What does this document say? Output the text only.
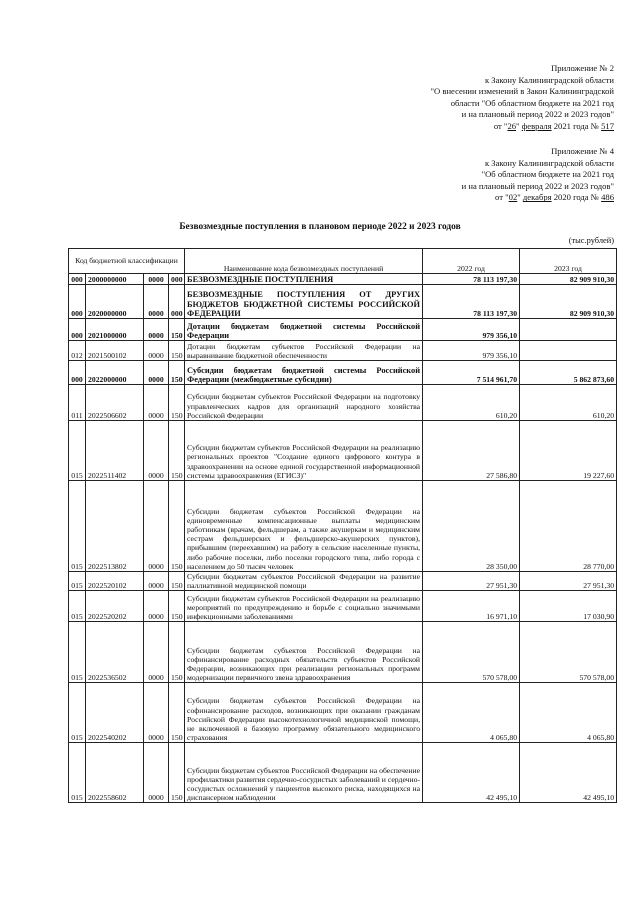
Приложение № 2
к Закону Калининградской области
"О внесении изменений в Закон Калининградской
области "Об областном бюджете на 2021 год
и на плановый период 2022 и 2023 годов"
от "26" февраля 2021 года № 517
Приложение № 4
к Закону Калининградской области
"Об областном бюджете на 2021 год
и на плановый период 2022 и 2023 годов"
от "02" декабря 2020 года № 486
Безвозмездные поступления в плановом периоде 2022 и 2023 годов
(тыс.рублей)
Код бюджетной классификации				Наименование кода безвозмездных поступлений	2022 год	2023 год
000	2000000000	0000	000	БЕЗВОЗМЕЗДНЫЕ ПОСТУПЛЕНИЯ	78 113 197,30	82 909 910,30
000	2020000000	0000	000	БЕЗВОЗМЕЗДНЫЕ ПОСТУПЛЕНИЯ ОТ ДРУГИХ БЮДЖЕТОВ БЮДЖЕТНОЙ СИСТЕМЫ РОССИЙСКОЙ ФЕДЕРАЦИИ	78 113 197,30	82 909 910,30
000	2021000000	0000	150	Дотации бюджетам бюджетной системы Российской Федерации	979 356,10	
012	2021500102	0000	150	Дотации бюджетам субъектов Российской Федерации на выравнивание бюджетной обеспеченности	979 356,10	
000	2022000000	0000	150	Субсидии бюджетам бюджетной системы Российской Федерации (межбюджетные субсидии)	7 514 961,70	5 862 873,60
011	2022506602	0000	150	Субсидии бюджетам субъектов Российской Федерации на подготовку управленческих кадров для организаций народного хозяйства Российской Федерации	610,20	610,20
015	2022511402	0000	150	Субсидии бюджетам субъектов Российской Федерации на реализацию региональных проектов "Создание единого цифрового контура в здравоохранении на основе единой государственной информационной системы здравоохранения (ЕГИСЗ)"	27 586,80	19 227,60
015	2022513802	0000	150	Субсидии бюджетам субъектов Российской Федерации на единовременные компенсационные выплаты медицинским работникам (врачам, фельдшерам, а также акушеркам и медицинским сестрам фельдшерских и фельдшерско-акушерских пунктов), прибывшим (переехавшим) на работу в сельские населенные пункты, либо рабочие поселки, либо поселки городского типа, либо города с населением до 50 тысяч человек	28 350,00	28 770,00
015	2022520102	0000	150	Субсидии бюджетам субъектов Российской Федерации на развитие паллиативной медицинской помощи	27 951,30	27 951,30
015	2022520202	0000	150	Субсидии бюджетам субъектов Российской Федерации на реализацию мероприятий по предупреждению и борьбе с социально значимыми инфекционными заболеваниями	16 971,10	17 030,90
015	2022536502	0000	150	Субсидии бюджетам субъектов Российской Федерации на софинансирование расходных обязательств субъектов Российской Федерации, возникающих при реализации региональных программ модернизации первичного звена здравоохранения	570 578,00	570 578,00
015	2022540202	0000	150	Субсидии бюджетам субъектов Российской Федерации на софинансирование расходов, возникающих при оказании гражданам Российской Федерации высокотехнологичной медицинской помощи, не включенной в базовую программу обязательного медицинского страхования	4 065,80	4 065,80
015	2022558602	0000	150	Субсидии бюджетам субъектов Российской Федерации на обеспечение профилактики развития сердечно-сосудистых заболеваний и сердечно-сосудистых осложнений у пациентов высокого риска, находящихся на диспансерном наблюдении	42 495,10	42 495,10
